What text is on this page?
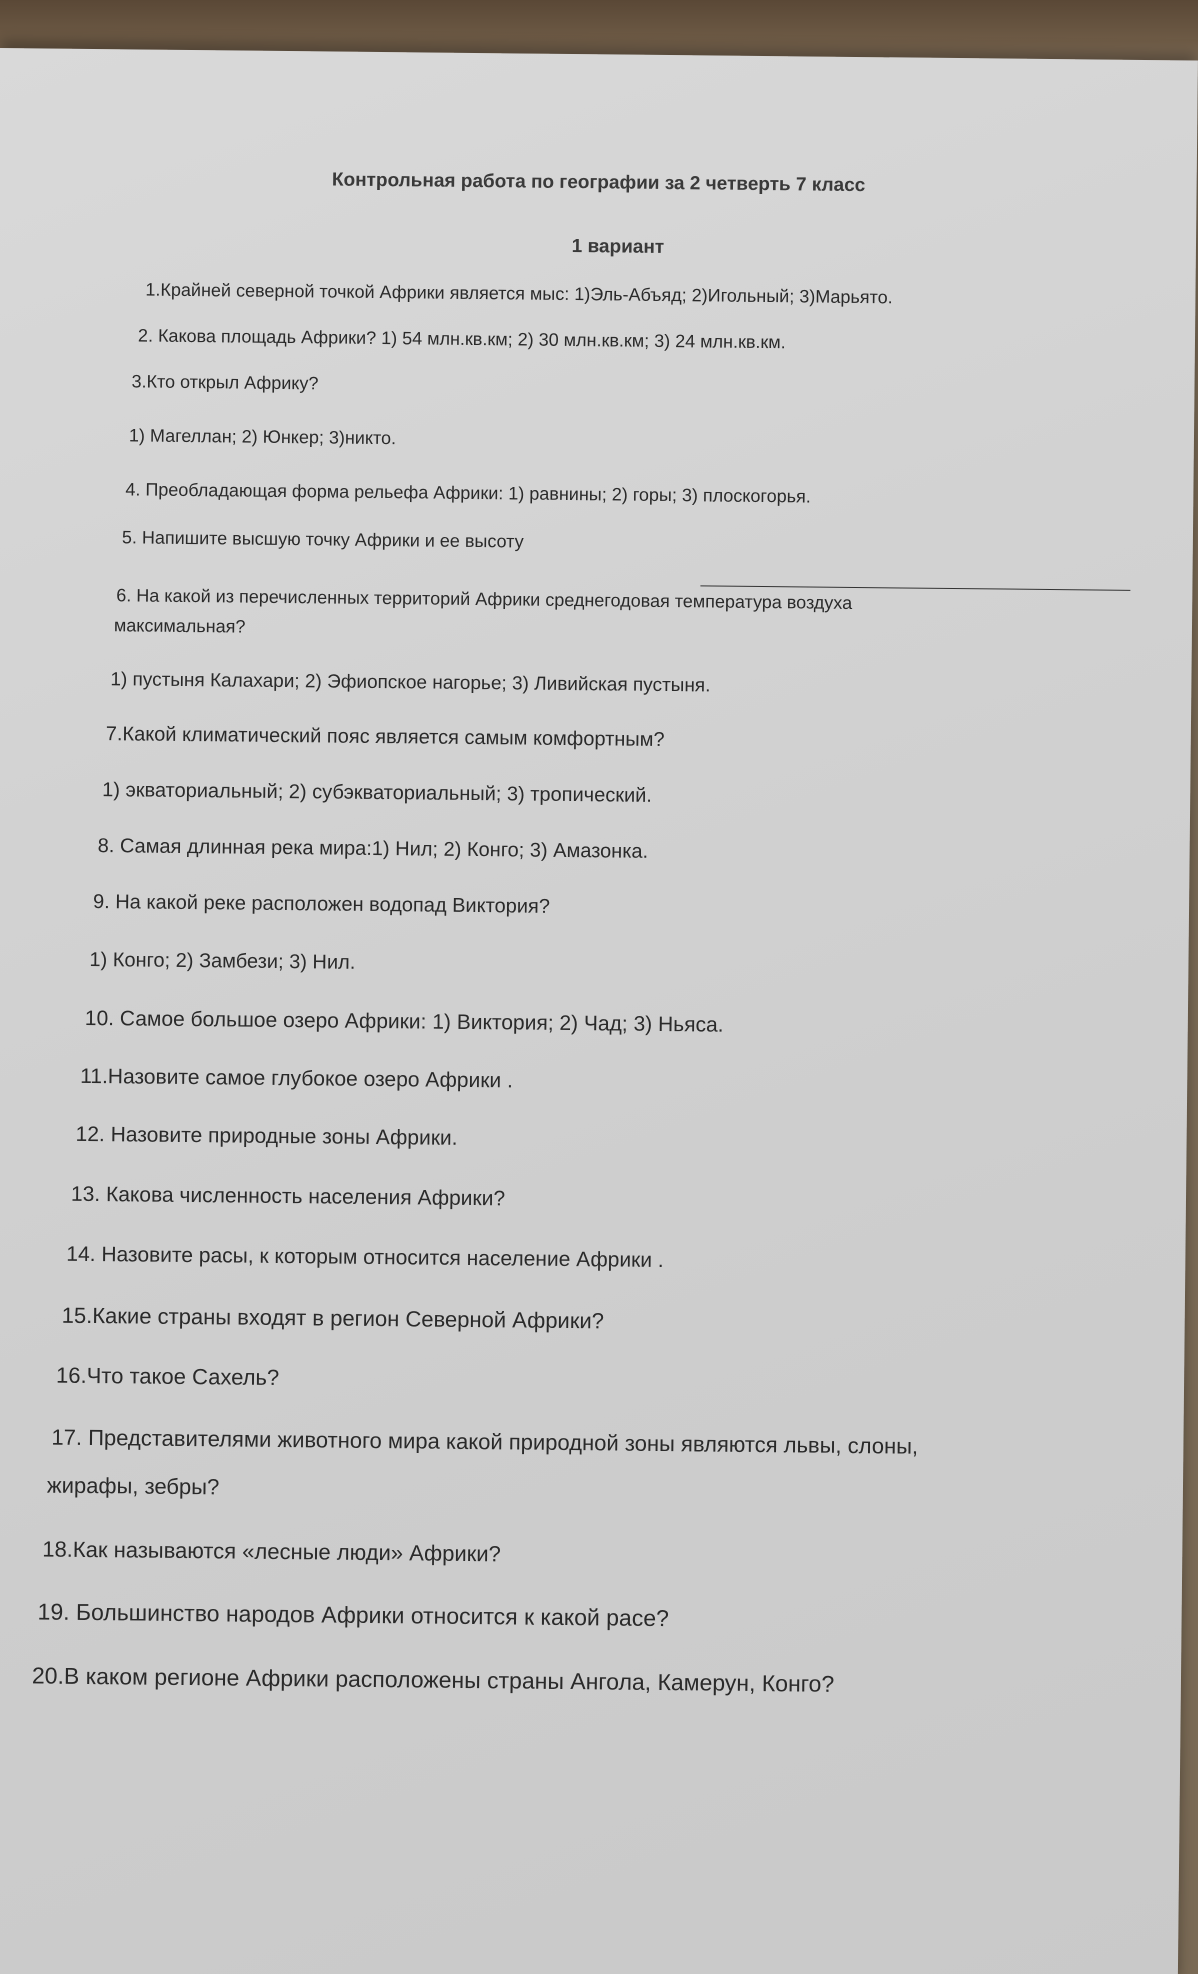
Контрольная работа по географии за 2 четверть 7 класс
1 вариант
1.Крайней северной точкой Африки является мыс: 1)Эль-Абъяд; 2)Игольный; 3)Марьято.
2. Какова площадь Африки? 1) 54 млн.кв.км; 2) 30 млн.кв.км; 3) 24 млн.кв.км.
3.Кто открыл Африку?
1) Магеллан; 2) Юнкер; 3)никто.
4. Преобладающая форма рельефа Африки: 1) равнины; 2) горы; 3) плоскогорья.
5. Напишите высшую точку Африки и ее высоту
6. На какой из перечисленных территорий Африки среднегодовая температура воздуха
максимальная?
1) пустыня Калахари; 2) Эфиопское нагорье; 3) Ливийская пустыня.
7.Какой климатический пояс является самым комфортным?
1) экваториальный; 2) субэкваториальный; 3) тропический.
8. Самая длинная река мира:1) Нил; 2) Конго; 3) Амазонка.
9. На какой реке расположен водопад Виктория?
1) Конго; 2) Замбези; 3) Нил.
10. Самое большое озеро Африки: 1) Виктория; 2) Чад; 3) Ньяса.
11.Назовите самое глубокое озеро Африки .
12. Назовите природные зоны Африки.
13. Какова численность населения Африки?
14. Назовите расы, к которым относится население Африки .
15.Какие страны входят в регион Северной Африки?
16.Что такое Сахель?
17. Представителями животного мира какой природной зоны являются львы, слоны,
жирафы, зебры?
18.Как называются «лесные люди» Африки?
19. Большинство народов Африки относится к какой расе?
20.В каком регионе Африки расположены страны Ангола, Камерун, Конго?
